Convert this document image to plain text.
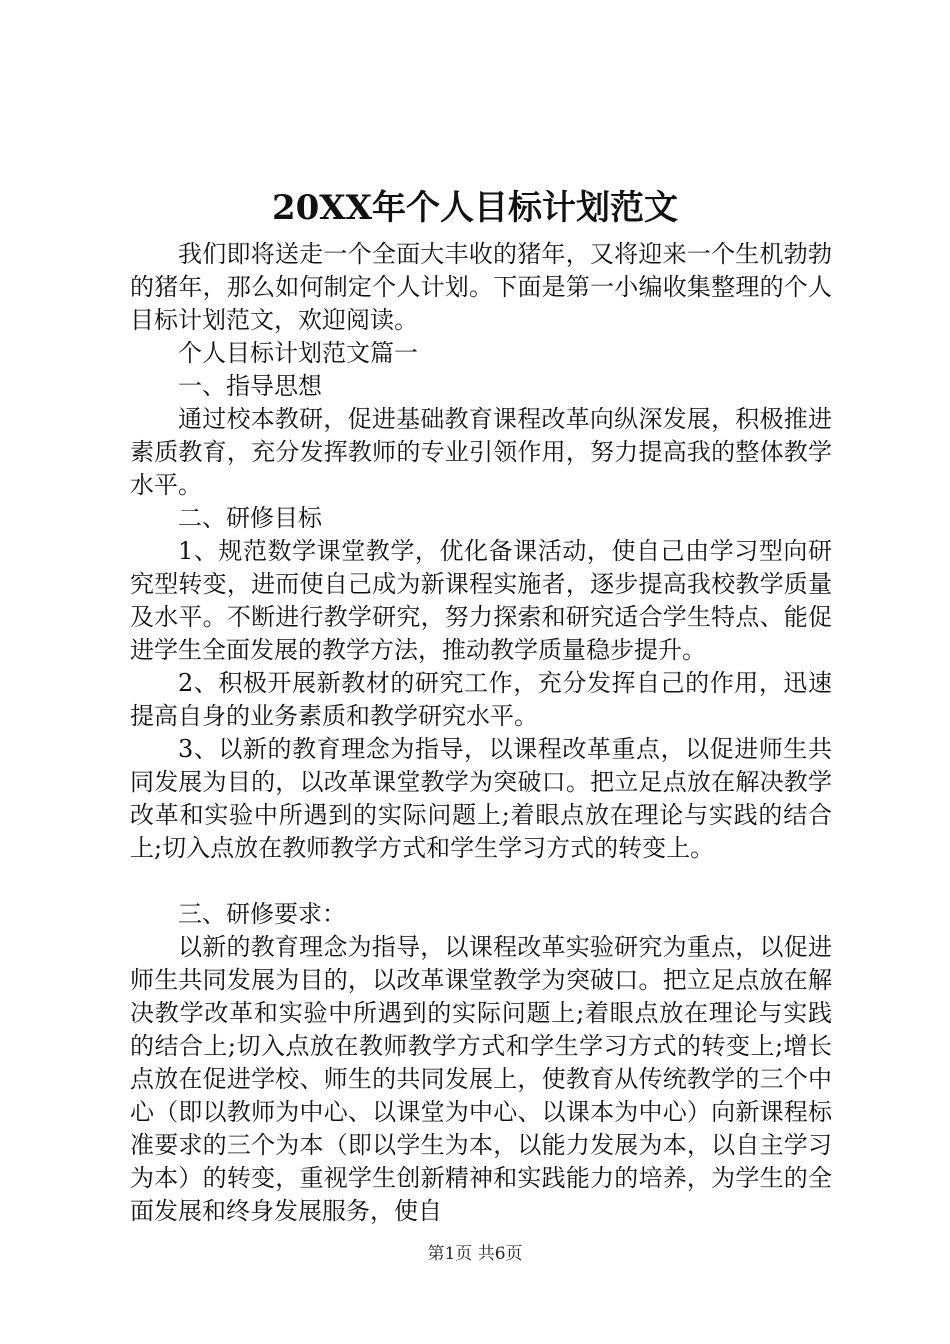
20XX年个人目标计划范文

我们即将送走一个全面大丰收的猪年，又将迎来一个生机勃勃的猪年，那么如何制定个人计划。下面是第一小编收集整理的个人目标计划范文，欢迎阅读。

个人目标计划范文篇一

一、指导思想

通过校本教研，促进基础教育课程改革向纵深发展，积极推进素质教育，充分发挥教师的专业引领作用，努力提高我的整体教学水平。

二、研修目标

1、规范数学课堂教学，优化备课活动，使自己由学习型向研究型转变，进而使自己成为新课程实施者，逐步提高我校教学质量及水平。不断进行教学研究，努力探索和研究适合学生特点、能促进学生全面发展的教学方法，推动教学质量稳步提升。

2、积极开展新教材的研究工作，充分发挥自己的作用，迅速提高自身的业务素质和教学研究水平。

3、以新的教育理念为指导，以课程改革重点，以促进师生共同发展为目的，以改革课堂教学为突破口。把立足点放在解决教学改革和实验中所遇到的实际问题上;着眼点放在理论与实践的结合上;切入点放在教师教学方式和学生学习方式的转变上。

三、研修要求：

以新的教育理念为指导，以课程改革实验研究为重点，以促进师生共同发展为目的，以改革课堂教学为突破口。把立足点放在解决教学改革和实验中所遇到的实际问题上;着眼点放在理论与实践的结合上;切入点放在教师教学方式和学生学习方式的转变上;增长点放在促进学校、师生的共同发展上，使教育从传统教学的三个中心（即以教师为中心、以课堂为中心、以课本为中心）向新课程标准要求的三个为本（即以学生为本，以能力发展为本，以自主学习为本）的转变，重视学生创新精神和实践能力的培养，为学生的全面发展和终身发展服务，使自

第1页 共6页
